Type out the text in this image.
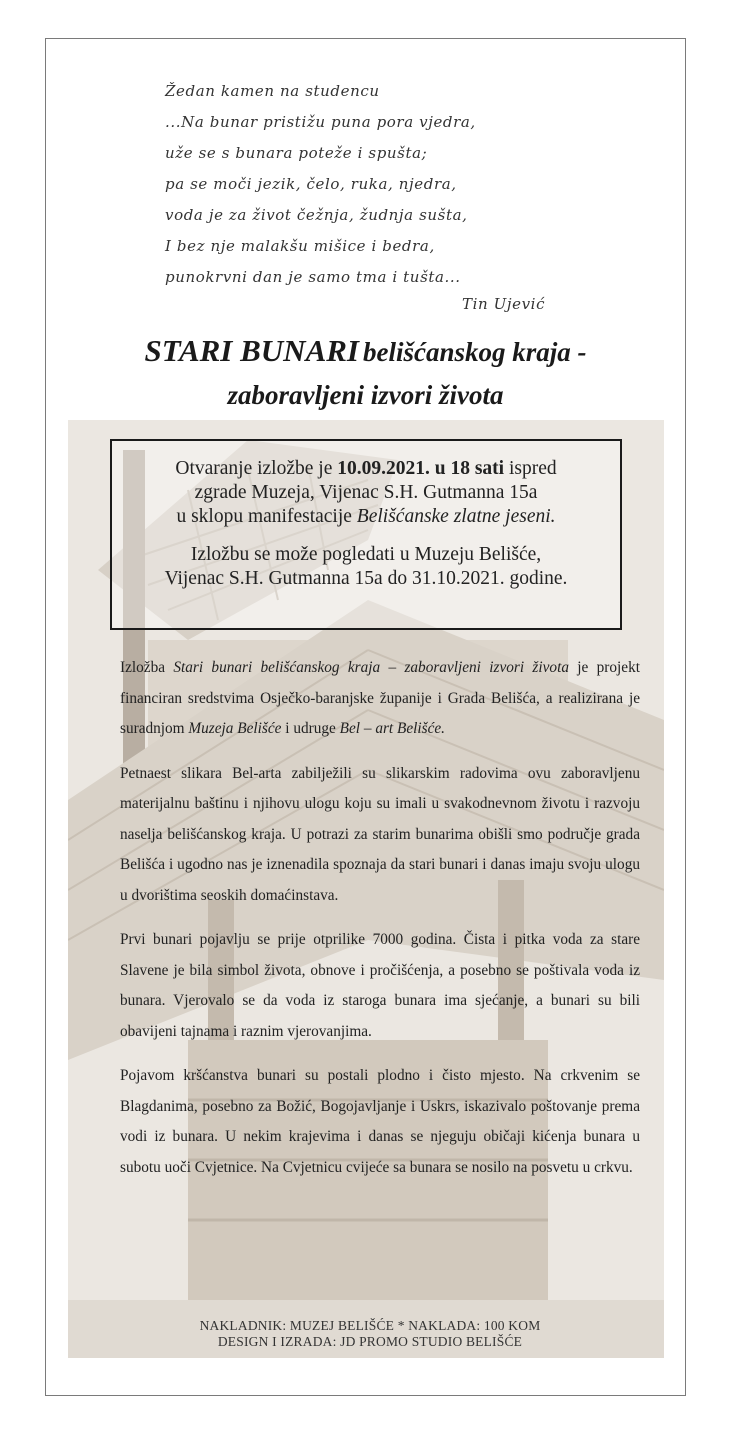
Žedan kamen na studencu
...Na bunar pristižu puna pora vjedra,
uže se s bunara poteže i spušta;
pa se moči jezik, čelo, ruka, njedra,
voda je za život čežnja, žudnja sušta,
I bez nje malakšu mišice i bedra,
punokrvni dan je samo tma i tušta...
Tin Ujević
STARI BUNARI belišćanskog kraja -
zaboravljeni izvori života
Otvaranje izložbe je 10.09.2021. u 18 sati ispred
zgrade Muzeja, Vijenac S.H. Gutmanna 15a
u sklopu manifestacije Belišćanske zlatne jeseni.
Izložbu se može pogledati u Muzeju Belišće,
Vijenac S.H. Gutmanna 15a do 31.10.2021. godine.

Izložba Stari bunari belišćanskog kraja – zaboravljeni izvori života je projekt financiran sredstvima Osječko-baranjske županije i Grada Belišća, a realizirana je suradnjom Muzeja Belišće i udruge Bel – art Belišće.

Petnaest slikara Bel-arta zabilježili su slikarskim radovima ovu zaboravljenu materijalnu baštinu i njihovu ulogu koju su imali u svakodnevnom životu i razvoju naselja belišćanskog kraja. U potrazi za starim bunarima obišli smo područje grada Belišća i ugodno nas je iznenadila spoznaja da stari bunari i danas imaju svoju ulogu u dvorištima seoskih domaćinstava.

Prvi bunari pojavlju se prije otprilike 7000 godina. Čista i pitka voda za stare Slavene je bila simbol života, obnove i pročišćenja, a posebno se poštivala voda iz bunara. Vjerovalo se da voda iz staroga bunara ima sjećanje, a bunari su bili obavijeni tajnama i raznim vjerovanjima.

Pojavom kršćanstva bunari su postali plodno i čisto mjesto. Na crkvenim se Blagdanima, posebno za Božić, Bogojavljanje i Uskrs, iskazivalo poštovanje prema vodi iz bunara. U nekim krajevima i danas se njeguju običaji kićenja bunara u subotu uoči Cvjetnice. Na Cvjetnicu cvijeće sa bunara se nosilo na posvetu u crkvu.

NAKLADNIK: MUZEJ BELIŠĆE * NAKLADA: 100 KOM
DESIGN I IZRADA: JD PROMO STUDIO BELIŠĆE
